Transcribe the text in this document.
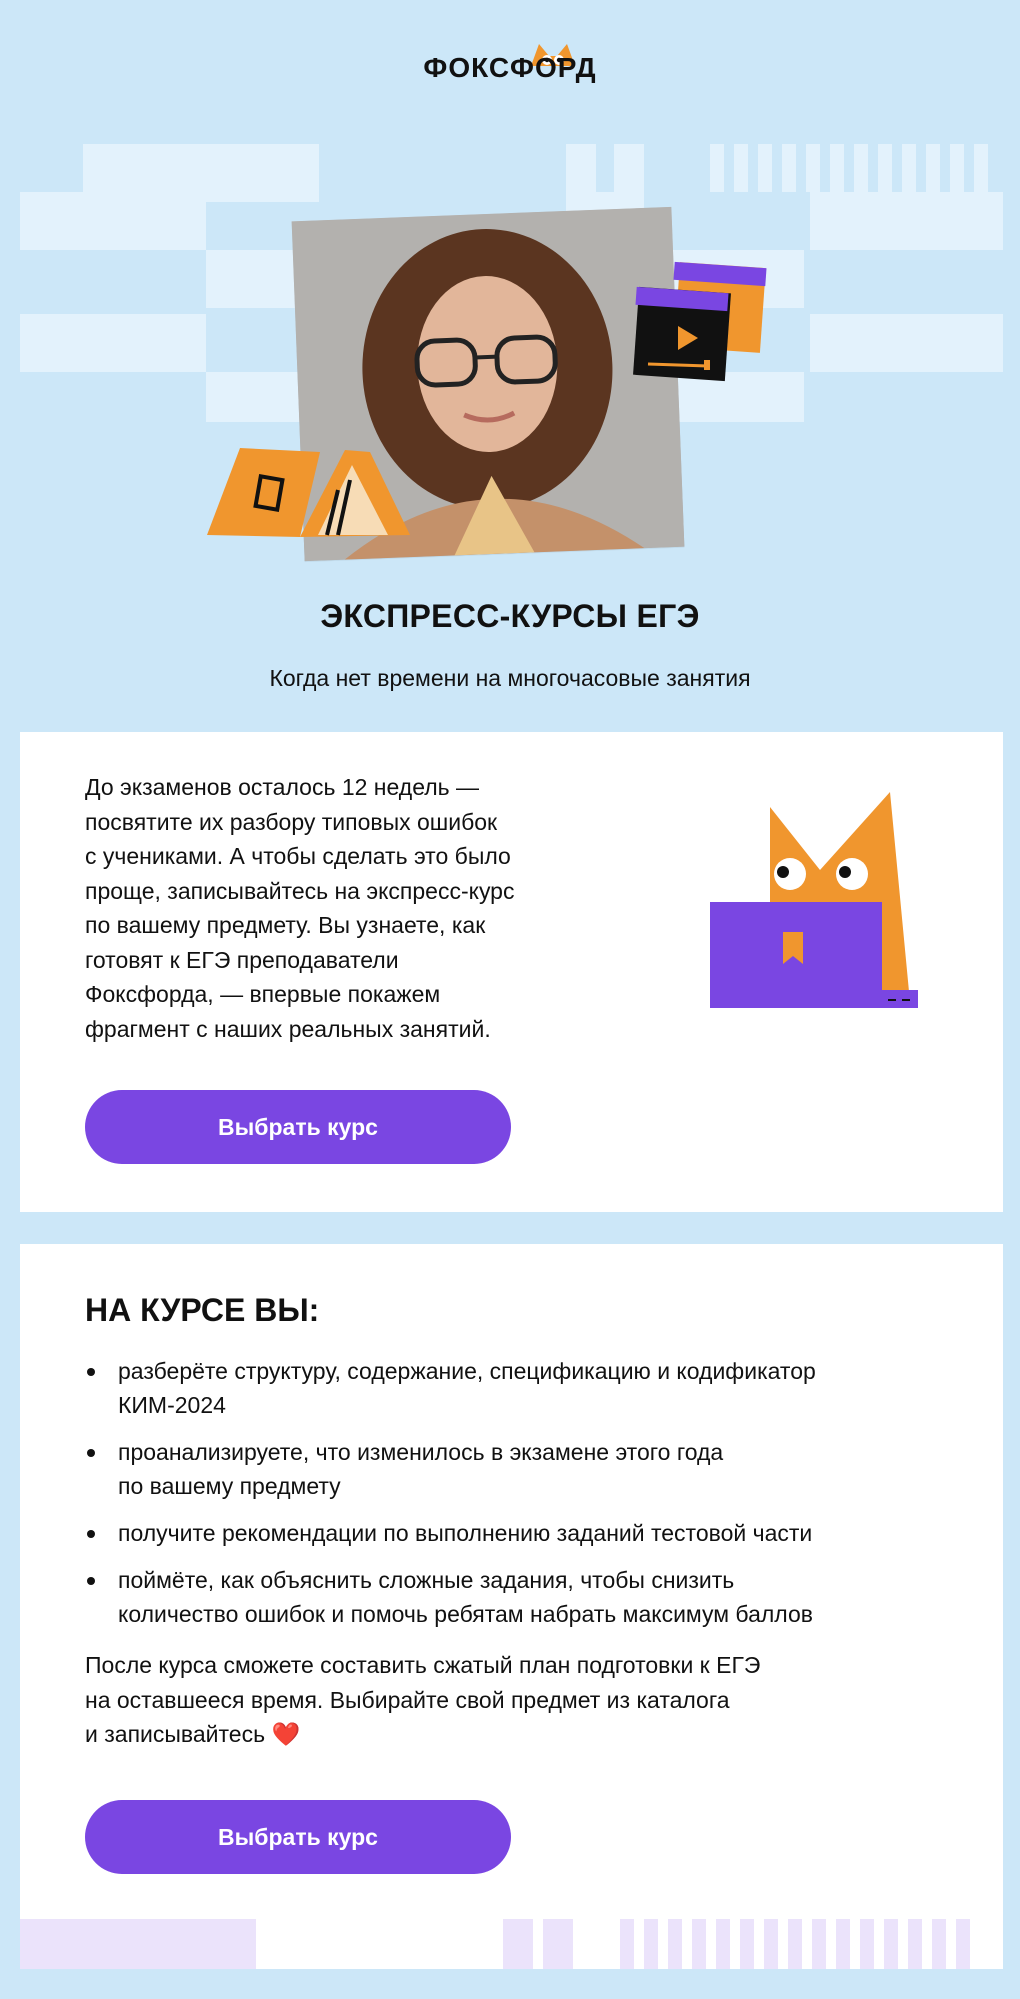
ФОКСФОРД
ЭКСПРЕСС-КУРСЫ ЕГЭ
Когда нет времени на многочасовые занятия
До экзаменов осталось 12 недель —
посвятите их разбору типовых ошибок
с учениками. А чтобы сделать это было
проще, записывайтесь на экспресс-курс
по вашему предмету. Вы узнаете, как
готовят к ЕГЭ преподаватели
Фоксфорда, — впервые покажем
фрагмент с наших реальных занятий.
Выбрать курс
НА КУРСЕ ВЫ:
разберёте структуру, содержание, спецификацию и кодификатор
КИМ-2024
проанализируете, что изменилось в экзамене этого года
по вашему предмету
получите рекомендации по выполнению заданий тестовой части
поймёте, как объяснить сложные задания, чтобы снизить
количество ошибок и помочь ребятам набрать максимум баллов
После курса сможете составить сжатый план подготовки к ЕГЭ
на оставшееся время. Выбирайте свой предмет из каталога
и записывайтесь ❤️
Выбрать курс
